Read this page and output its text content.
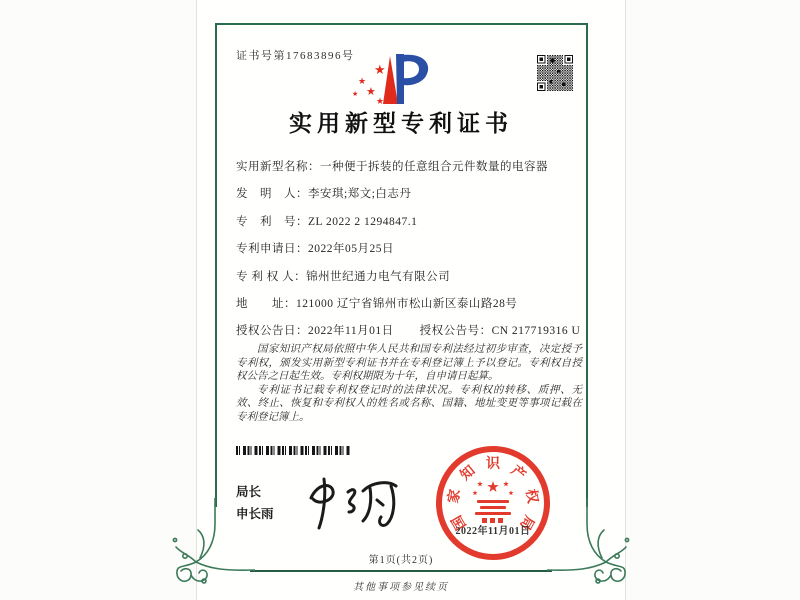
证书号第17683896号
★
★
★
★
★
实用新型专利证书
实用新型名称：一种便于拆装的任意组合元件数量的电容器
发　明　人：李安琪;郑文;白志丹
专　利　号：ZL 2022 2 1294847.1
专利申请日：2022年05月25日
专 利 权 人：锦州世纪通力电气有限公司
地　　址：121000 辽宁省锦州市松山新区泰山路28号
授权公告日：2022年11月01日 授权公告号：CN 217719316 U

国家知识产权局依照中华人民共和国专利法经过初步审查，决定授予专利权，颁发实用新型专利证书并在专利登记簿上予以登记。专利权自授权公告之日起生效。专利权期限为十年，自申请日起算。

专利证书记载专利权登记时的法律状况。专利权的转移、质押、无效、终止、恢复和专利权人的姓名或名称、国籍、地址变更等事项记载在专利登记簿上。

局长
申长雨	国
家
知 识 产
权
局
2022年11月01日
第1页(共2页)
其他事项参见续页
